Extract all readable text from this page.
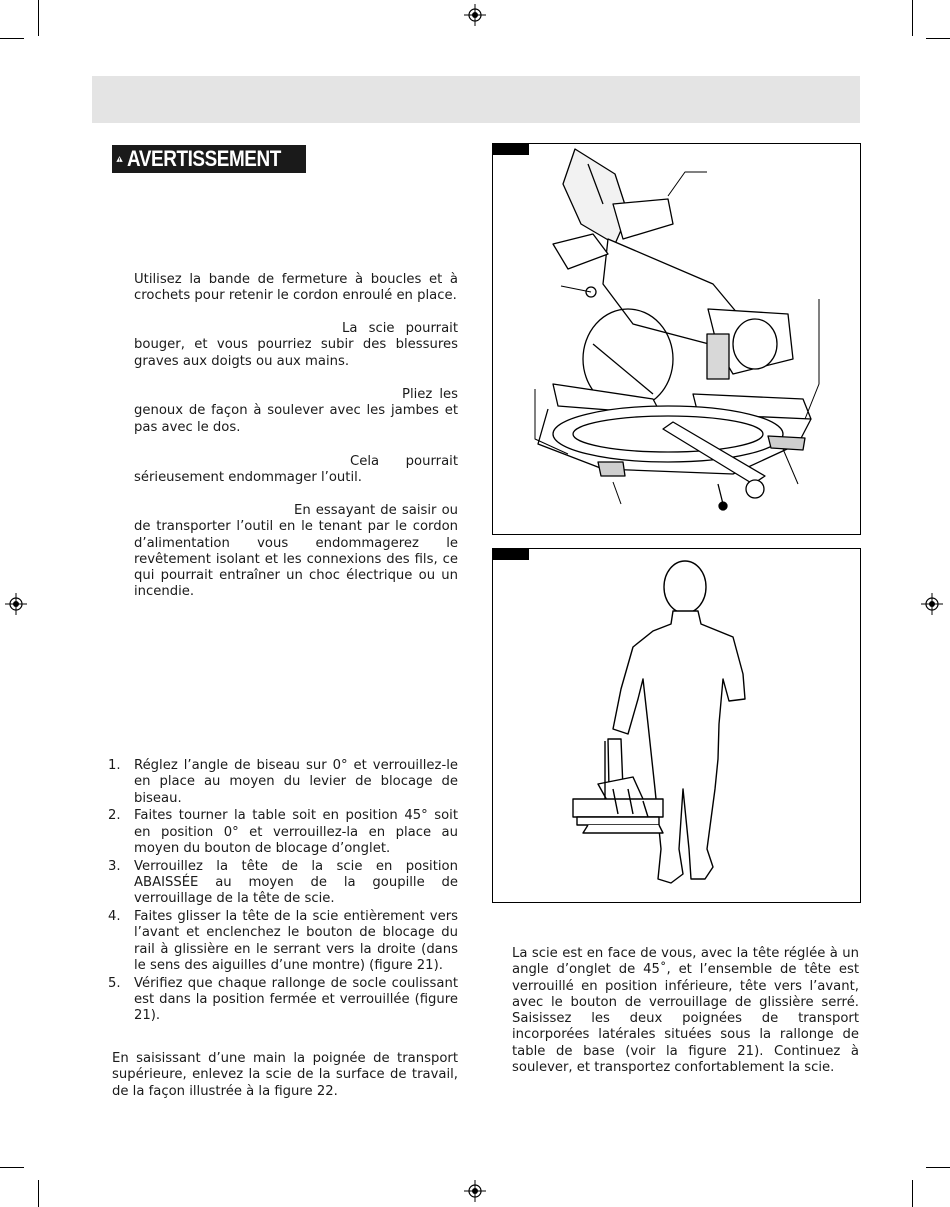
AVERTISSEMENT

Utilisez la bande de fermeture à boucles et à crochets pour retenir le cordon enroulé en place.

La scie pourrait bouger, et vous pourriez subir des blessures graves aux doigts ou aux mains.

Pliez les genoux de façon à soulever avec les jambes et pas avec le dos.

Cela pourrait sérieusement endommager l’outil.

En essayant de saisir ou de transporter l’outil en le tenant par le cordon d’alimentation vous endommagerez le revêtement isolant et les connexions des fils, ce qui pourrait entraîner un choc électrique ou un incendie.

1. Réglez l’angle de biseau sur 0° et verrouillez-le en place au moyen du levier de blocage de biseau.
2. Faites tourner la table soit en position 45° soit en position 0° et verrouillez-la en place au moyen du bouton de blocage d’onglet.
3. Verrouillez la tête de la scie en position ABAISSÉE au moyen de la goupille de verrouillage de la tête de scie.
4. Faites glisser la tête de la scie entièrement vers l’avant et enclenchez le bouton de blocage du rail à glissière en le serrant vers la droite (dans le sens des aiguilles d’une montre) (figure 21).
5. Vérifiez que chaque rallonge de socle coulissant est dans la position fermée et verrouillée (figure 21).

En saisissant d’une main la poignée de transport supérieure, enlevez la scie de la surface de travail, de la façon illustrée à la figure 22.

La scie est en face de vous, avec la tête réglée à un angle d’onglet de 45˚, et l’ensemble de tête est verrouillé en position inférieure, tête vers l’avant, avec le bouton de verrouillage de glissière serré. Saisissez les deux poignées de transport incorporées latérales situées sous la rallonge de table de base (voir la figure 21). Continuez à soulever, et transportez confortablement la scie.
